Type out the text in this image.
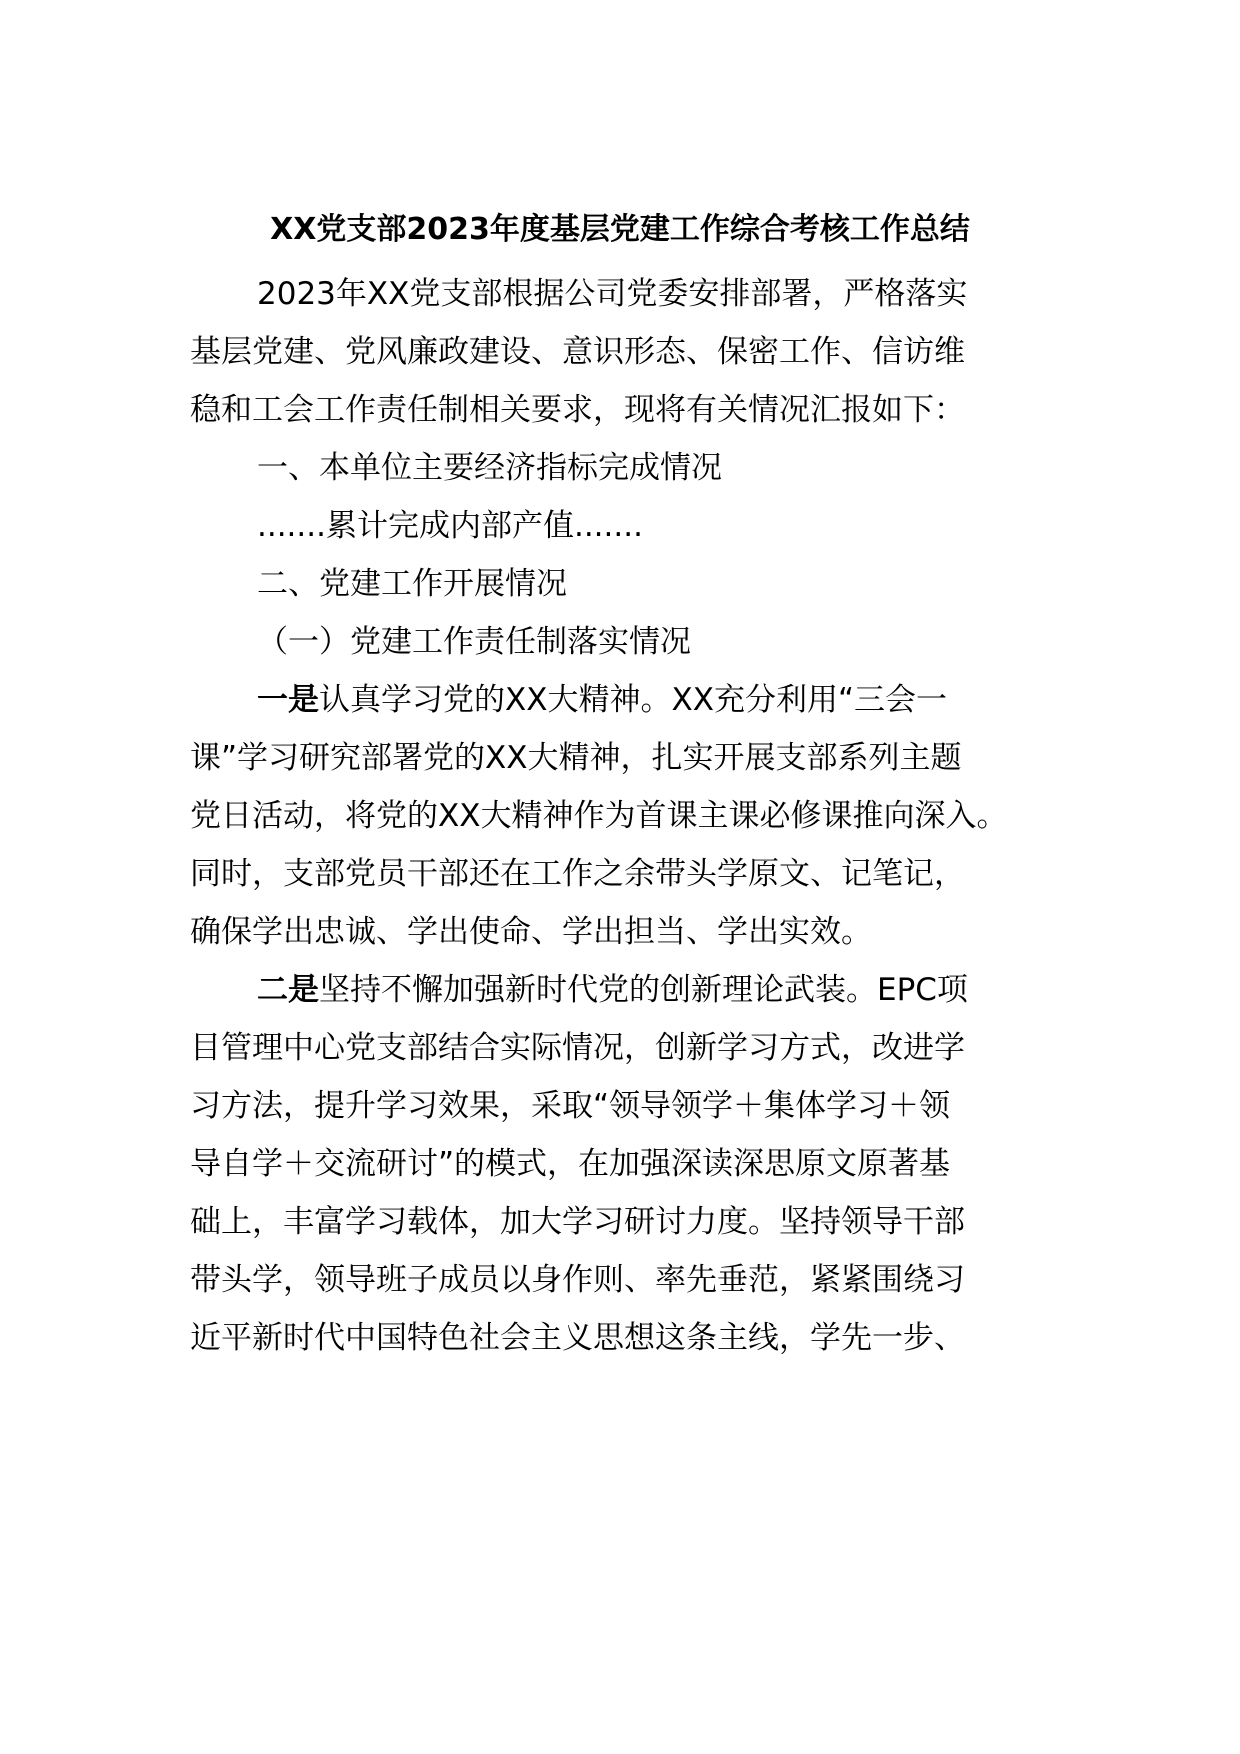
XX党支部2023年度基层党建工作综合考核工作总结
2023年XX党支部根据公司党委安排部署，严格落实
基层党建、党风廉政建设、意识形态、保密工作、信访维
稳和工会工作责任制相关要求，现将有关情况汇报如下：
一、本单位主要经济指标完成情况
.......累计完成内部产值.......
二、党建工作开展情况
（一）党建工作责任制落实情况
一是认真学习党的XX大精神。XX充分利用“三会一
课”学习研究部署党的XX大精神，扎实开展支部系列主题
党日活动，将党的XX大精神作为首课主课必修课推向深入。
同时，支部党员干部还在工作之余带头学原文、记笔记，
确保学出忠诚、学出使命、学出担当、学出实效。
二是坚持不懈加强新时代党的创新理论武装。EPC项
目管理中心党支部结合实际情况，创新学习方式，改进学
习方法，提升学习效果，采取“领导领学＋集体学习＋领
导自学＋交流研讨”的模式，在加强深读深思原文原著基
础上，丰富学习载体，加大学习研讨力度。坚持领导干部
带头学，领导班子成员以身作则、率先垂范，紧紧围绕习
近平新时代中国特色社会主义思想这条主线，学先一步、
